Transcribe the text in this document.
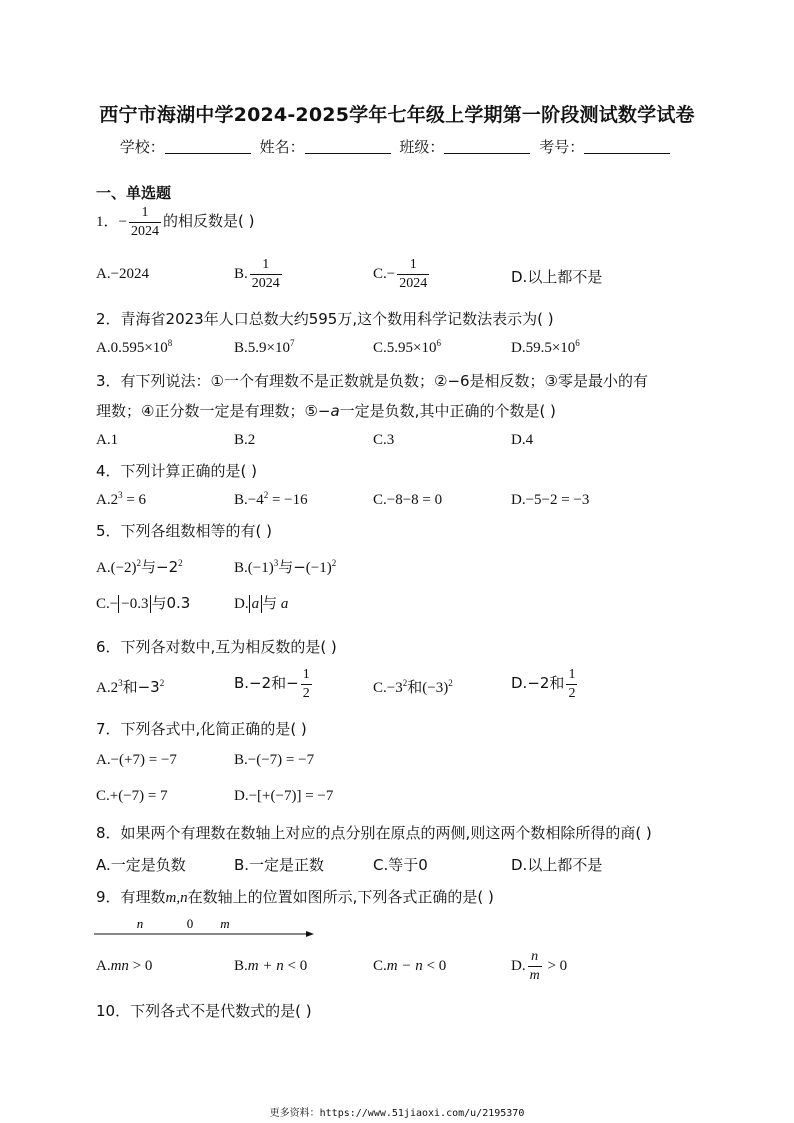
西宁市海湖中学2024-2025学年七年级上学期第一阶段测试数学试卷
学校：	姓名：	班级：	考号：
一、单选题
1．− $\frac{1}{2024}$ 的相反数是( )
A.−2024	B. $\frac{1}{2024}$	$C.- \frac{1}{2024}$	D.以上都不是
2．青海省2023年人口总数大约595万,这个数用科学记数法表示为( )
$A.0.595\times 10^8$	$B.5.9\times 10^7$	$C.5.95\times 10^6$	$D.59.5\times 10^6$
3．有下列说法：①一个有理数不是正数就是负数；②−6是相反数；③零是最小的有
理数；④正分数一定是有理数；⑤−a一定是负数,其中正确的个数是( )
A.1	B.2	C.3	D.4
4．下列计算正确的是( )
$A.2^3 = 6$	$B.-4^2 = -16$	C.−8−8 = 0	D.−5−2 = −3
5．下列各组数相等的有( )
$A.(-2)^2$与$-2^2$	$B.(-1)^3$与$-(-1)^2$
C.− −0.3 与0.3	D. a 与 a
6．下列各对数中,互为相反数的是( )
$A.2^3$和$-3^2$	B.−2和− $\frac{1}{2}$	$C.-3^2$和$(-3)^2$	D.−2和 $\frac{1}{2}$
7．下列各式中,化简正确的是( )
A.−(+7) = −7	B.−(−7) = −7
C.+(−7) = 7	D.−[+(−7)] = −7
8．如果两个有理数在数轴上对应的点分别在原点的两侧,则这两个数相除所得的商( )
A.一定是负数	B.一定是正数	C.等于0	D.以上都不是
9．有理数m,n在数轴上的位置如图所示,下列各式正确的是( )
n	0 m
A.mn > 0	B.m + n < 0	C.m − n < 0	D. $\frac{n}{m} > 0$
10．下列各式不是代数式的是( )
更多资料：https://www.51jiaoxi.com/u/2195370
